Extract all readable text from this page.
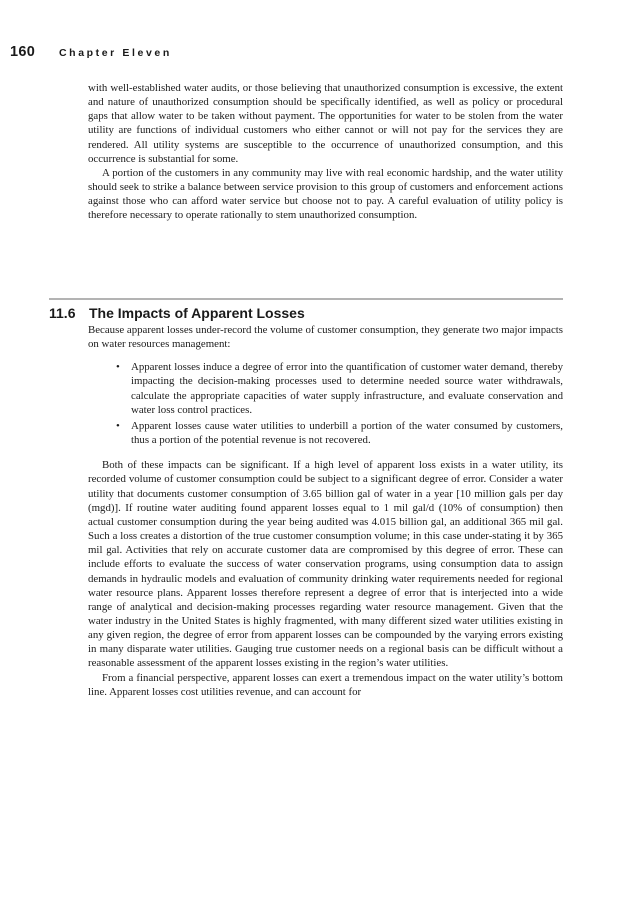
160 Chapter Eleven

with well-established water audits, or those believing that unauthorized consumption is excessive, the extent and nature of unauthorized consumption should be specifically identified, as well as policy or procedural gaps that allow water to be taken without payment. The opportunities for water to be stolen from the water utility are functions of individual customers who either cannot or will not pay for the services they are rendered. All utility systems are susceptible to the occurrence of unauthorized consumption, and this occurrence is substantial for some.

A portion of the customers in any community may live with real economic hardship, and the water utility should seek to strike a balance between service provision to this group of customers and enforcement actions against those who can afford water service but choose not to pay. A careful evaluation of utility policy is therefore necessary to operate rationally to stem unauthorized consumption.

11.6 The Impacts of Apparent Losses

Because apparent losses under-record the volume of customer consumption, they generate two major impacts on water resources management:

• Apparent losses induce a degree of error into the quantification of customer water demand, thereby impacting the decision-making processes used to determine needed source water withdrawals, calculate the appropriate capacities of water supply infrastructure, and evaluate conservation and water loss control practices.
• Apparent losses cause water utilities to underbill a portion of the water consumed by customers, thus a portion of the potential revenue is not recovered.

Both of these impacts can be significant. If a high level of apparent loss exists in a water utility, its recorded volume of customer consumption could be subject to a significant degree of error. Consider a water utility that documents customer consumption of 3.65 billion gal of water in a year [10 million gals per day (mgd)]. If routine water auditing found apparent losses equal to 1 mil gal/d (10% of consumption) then actual customer consumption during the year being audited was 4.015 billion gal, an additional 365 mil gal. Such a loss creates a distortion of the true customer consumption volume; in this case under-stating it by 365 mil gal. Activities that rely on accurate customer data are compromised by this degree of error. These can include efforts to evaluate the success of water conservation programs, using consumption data to assign demands in hydraulic models and evaluation of community drinking water requirements needed for regional water resource plans. Apparent losses therefore represent a degree of error that is interjected into a wide range of analytical and decision-making processes regarding water resource management. Given that the water industry in the United States is highly fragmented, with many different sized water utilities existing in any given region, the degree of error from apparent losses can be compounded by the varying errors existing in many disparate water utilities. Gauging true customer needs on a regional basis can be difficult without a reasonable assessment of the apparent losses existing in the region’s water utilities.

From a financial perspective, apparent losses can exert a tremendous impact on the water utility’s bottom line. Apparent losses cost utilities revenue, and can account for
